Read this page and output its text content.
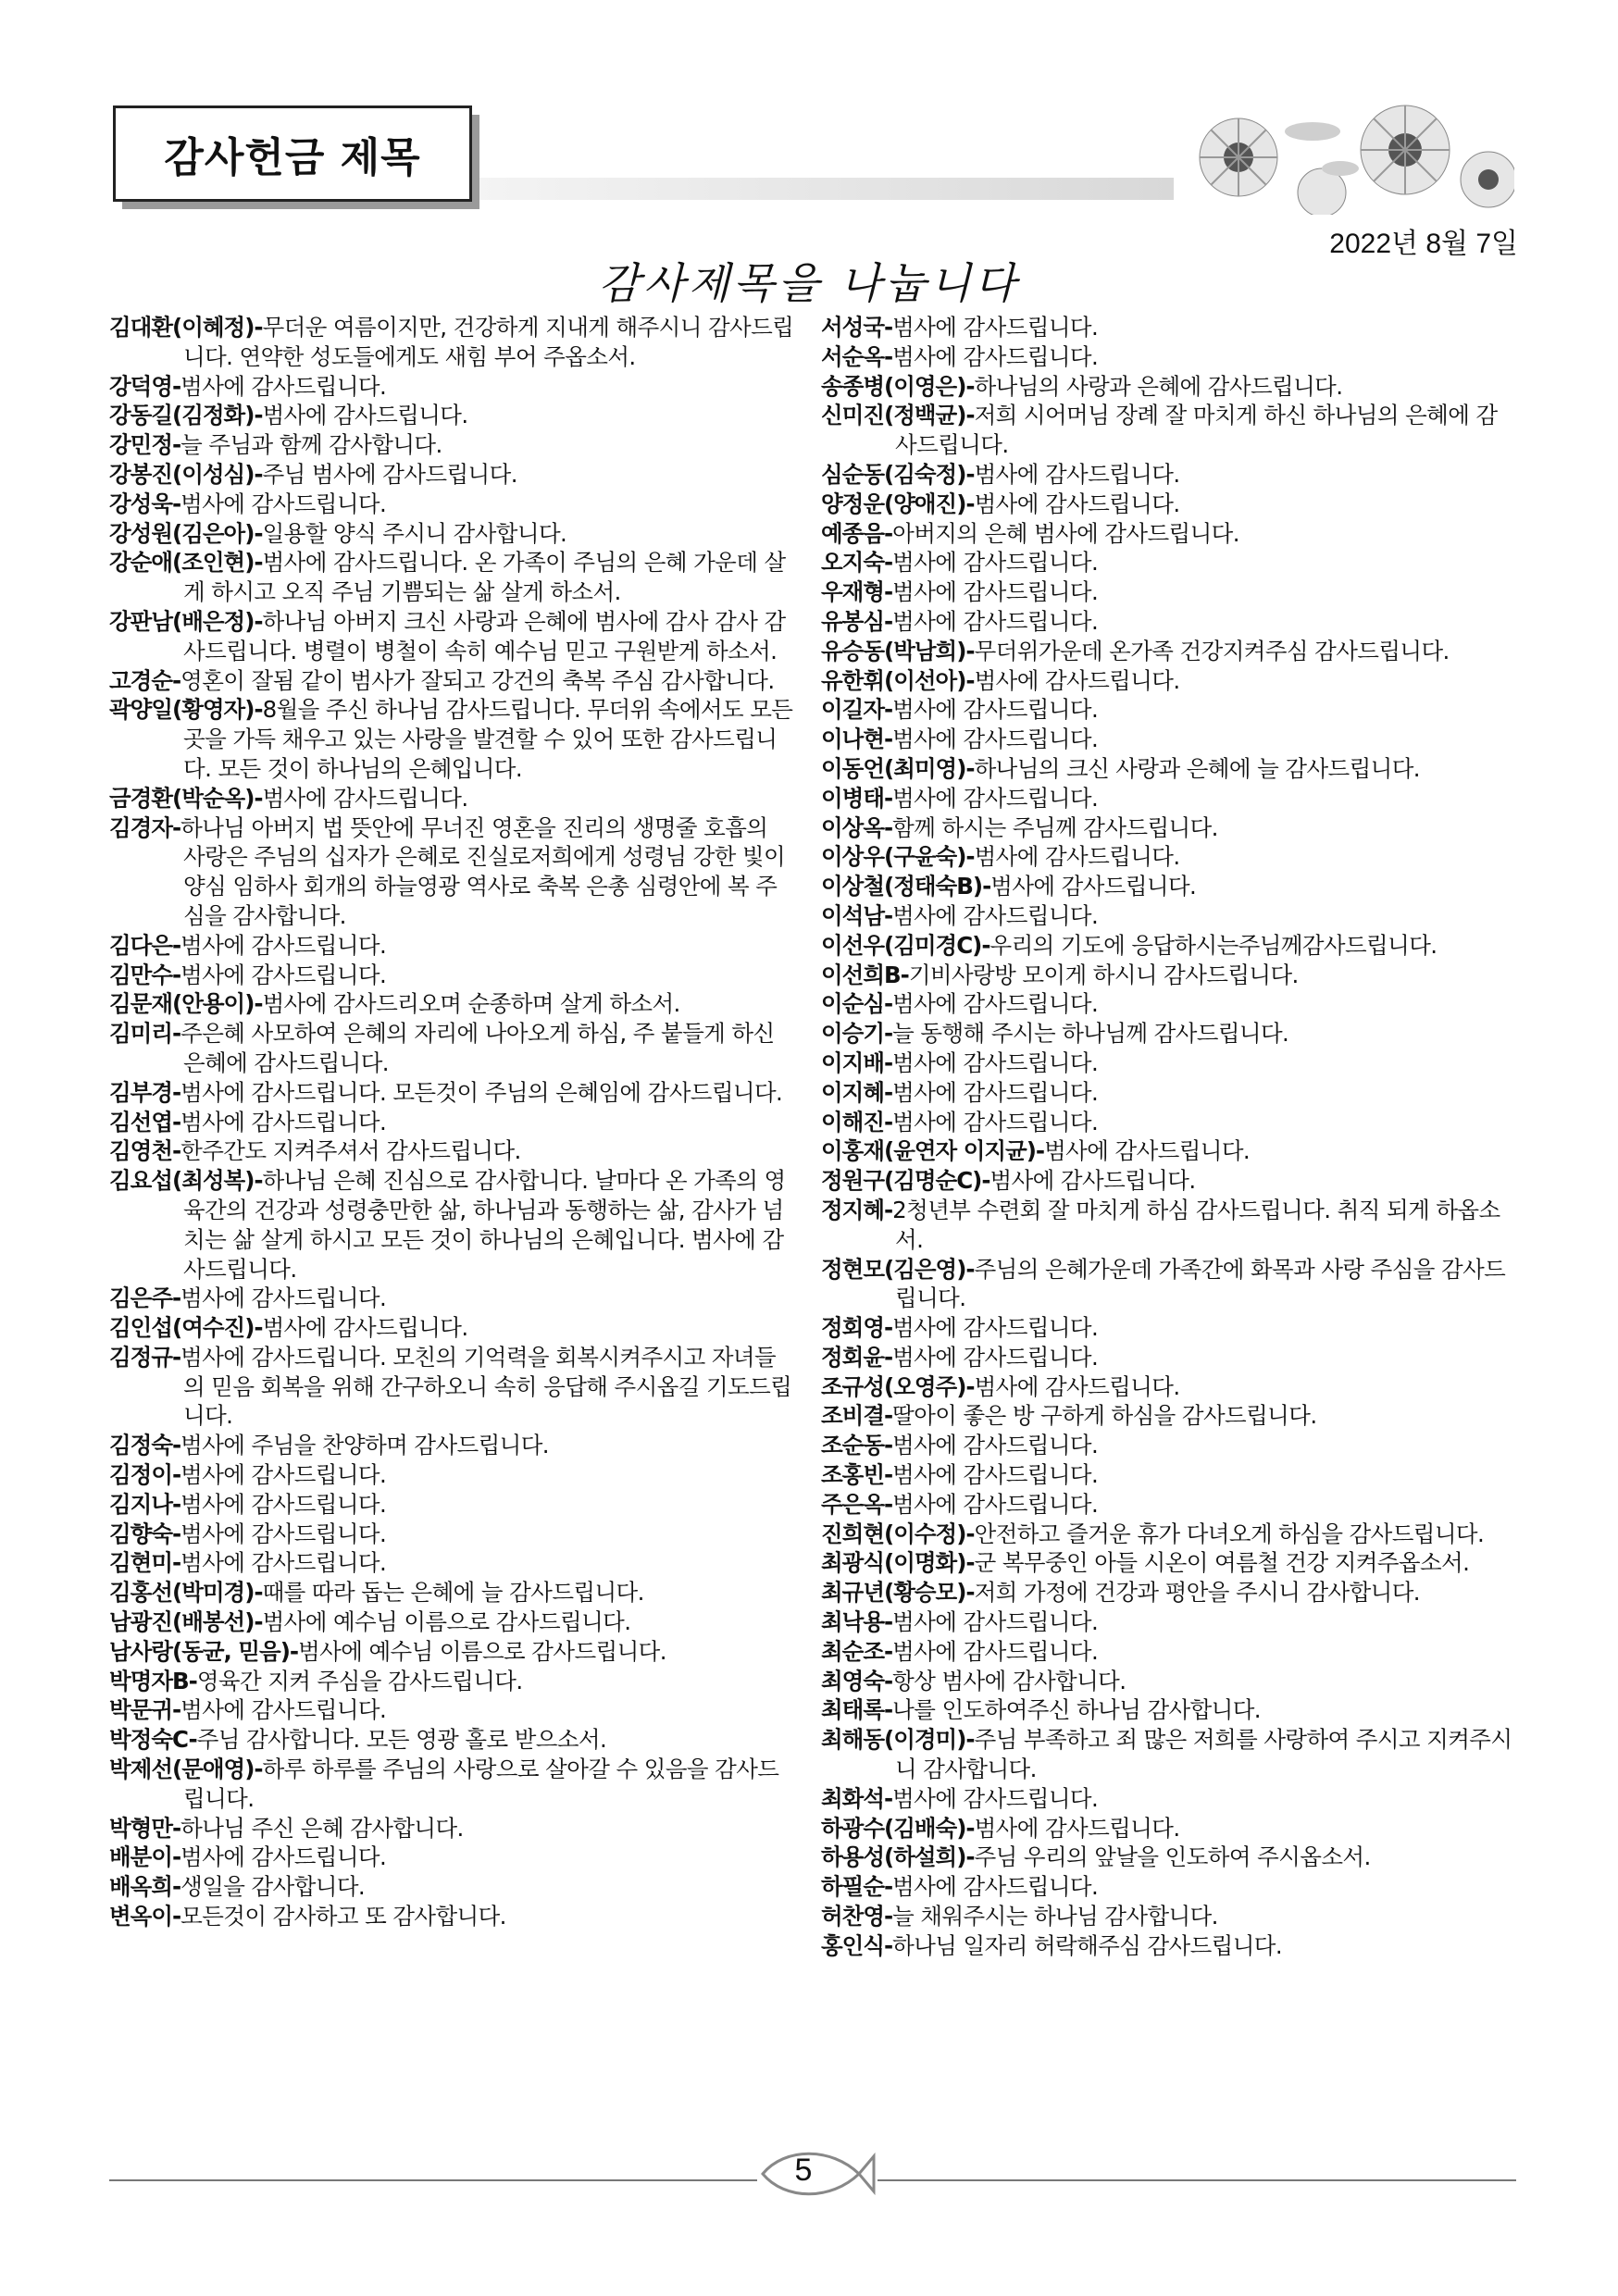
감사헌금 제목
2022년 8월 7일
감사제목을 나눕니다

김대환(이혜정)-무더운 여름이지만, 건강하게 지내게 해주시니 감사드립니다. 연약한 성도들에게도 새힘 부어 주옵소서.

강덕영-범사에 감사드립니다.

강동길(김정화)-범사에 감사드립니다.

강민정-늘 주님과 함께 감사합니다.

강봉진(이성심)-주님 범사에 감사드립니다.

강성욱-범사에 감사드립니다.

강성원(김은아)-일용할 양식 주시니 감사합니다.

강순애(조인현)-범사에 감사드립니다. 온 가족이 주님의 은혜 가운데 살게 하시고 오직 주님 기쁨되는 삶 살게 하소서.

강판남(배은정)-하나님 아버지 크신 사랑과 은혜에 범사에 감사 감사 감사드립니다. 병렬이 병철이 속히 예수님 믿고 구원받게 하소서.

고경순-영혼이 잘됨 같이 범사가 잘되고 강건의 축복 주심 감사합니다.

곽양일(황영자)-8월을 주신 하나님 감사드립니다. 무더위 속에서도 모든 곳을 가득 채우고 있는 사랑을 발견할 수 있어 또한 감사드립니다. 모든 것이 하나님의 은혜입니다.

금경환(박순옥)-범사에 감사드립니다.

김경자-하나님 아버지 법 뜻안에 무너진 영혼을 진리의 생명줄 호흡의 사랑은 주님의 십자가 은혜로 진실로저희에게 성령님 강한 빛이 양심 임하사 회개의 하늘영광 역사로 축복 은총 심령안에 복 주심을 감사합니다.

김다은-범사에 감사드립니다.

김만수-범사에 감사드립니다.

김문재(안용이)-범사에 감사드리오며 순종하며 살게 하소서.

김미리-주은혜 사모하여 은혜의 자리에 나아오게 하심, 주 붙들게 하신 은혜에 감사드립니다.

김부경-범사에 감사드립니다. 모든것이 주님의 은혜임에 감사드립니다.

김선엽-범사에 감사드립니다.

김영천-한주간도 지켜주셔서 감사드립니다.

김요섭(최성복)-하나님 은혜 진심으로 감사합니다. 날마다 온 가족의 영육간의 건강과 성령충만한 삶, 하나님과 동행하는 삶, 감사가 넘치는 삶 살게 하시고 모든 것이 하나님의 은혜입니다. 범사에 감사드립니다.

김은주-범사에 감사드립니다.

김인섭(여수진)-범사에 감사드립니다.

김정규-범사에 감사드립니다. 모친의 기억력을 회복시켜주시고 자녀들의 믿음 회복을 위해 간구하오니 속히 응답해 주시옵길 기도드립니다.

김정숙-범사에 주님을 찬양하며 감사드립니다.

김정이-범사에 감사드립니다.

김지나-범사에 감사드립니다.

김향숙-범사에 감사드립니다.

김현미-범사에 감사드립니다.

김홍선(박미경)-때를 따라 돕는 은혜에 늘 감사드립니다.

남광진(배봉선)-범사에 예수님 이름으로 감사드립니다.

남사랑(동균, 믿음)-범사에 예수님 이름으로 감사드립니다.

박명자B-영육간 지켜 주심을 감사드립니다.

박문귀-범사에 감사드립니다.

박정숙C-주님 감사합니다. 모든 영광 홀로 받으소서.

박제선(문애영)-하루 하루를 주님의 사랑으로 살아갈 수 있음을 감사드립니다.

박형만-하나님 주신 은혜 감사합니다.

배분이-범사에 감사드립니다.

배옥희-생일을 감사합니다.

변옥이-모든것이 감사하고 또 감사합니다.

서성국-범사에 감사드립니다.

서순옥-범사에 감사드립니다.

송종병(이영은)-하나님의 사랑과 은혜에 감사드립니다.

신미진(정백균)-저희 시어머님 장례 잘 마치게 하신 하나님의 은혜에 감사드립니다.

심순동(김숙정)-범사에 감사드립니다.

양정운(양애진)-범사에 감사드립니다.

예종음-아버지의 은혜 범사에 감사드립니다.

오지숙-범사에 감사드립니다.

우재형-범사에 감사드립니다.

유봉심-범사에 감사드립니다.

유승동(박남희)-무더위가운데 온가족 건강지켜주심 감사드립니다.

유한휘(이선아)-범사에 감사드립니다.

이길자-범사에 감사드립니다.

이나현-범사에 감사드립니다.

이동언(최미영)-하나님의 크신 사랑과 은혜에 늘 감사드립니다.

이병태-범사에 감사드립니다.

이상옥-함께 하시는 주님께 감사드립니다.

이상우(구윤숙)-범사에 감사드립니다.

이상철(정태숙B)-범사에 감사드립니다.

이석남-범사에 감사드립니다.

이선우(김미경C)-우리의 기도에 응답하시는주님께감사드립니다.

이선희B-기비사랑방 모이게 하시니 감사드립니다.

이순심-범사에 감사드립니다.

이승기-늘 동행해 주시는 하나님께 감사드립니다.

이지배-범사에 감사드립니다.

이지혜-범사에 감사드립니다.

이해진-범사에 감사드립니다.

이홍재(윤연자 이지균)-범사에 감사드립니다.

정원구(김명순C)-범사에 감사드립니다.

정지혜-2청년부 수련회 잘 마치게 하심 감사드립니다. 취직 되게 하옵소서.

정현모(김은영)-주님의 은혜가운데 가족간에 화목과 사랑 주심을 감사드립니다.

정회영-범사에 감사드립니다.

정회윤-범사에 감사드립니다.

조규성(오영주)-범사에 감사드립니다.

조비결-딸아이 좋은 방 구하게 하심을 감사드립니다.

조순동-범사에 감사드립니다.

조홍빈-범사에 감사드립니다.

주은옥-범사에 감사드립니다.

진희현(이수정)-안전하고 즐거운 휴가 다녀오게 하심을 감사드립니다.

최광식(이명화)-군 복무중인 아들 시온이 여름철 건강 지켜주옵소서.

최규년(황승모)-저희 가정에 건강과 평안을 주시니 감사합니다.

최낙용-범사에 감사드립니다.

최순조-범사에 감사드립니다.

최영숙-항상 범사에 감사합니다.

최태록-나를 인도하여주신 하나님 감사합니다.

최해동(이경미)-주님 부족하고 죄 많은 저희를 사랑하여 주시고 지켜주시니 감사합니다.

최화석-범사에 감사드립니다.

하광수(김배숙)-범사에 감사드립니다.

하용성(하설희)-주님 우리의 앞날을 인도하여 주시옵소서.

하필순-범사에 감사드립니다.

허찬영-늘 채워주시는 하나님 감사합니다.

홍인식-하나님 일자리 허락해주심 감사드립니다.

5
